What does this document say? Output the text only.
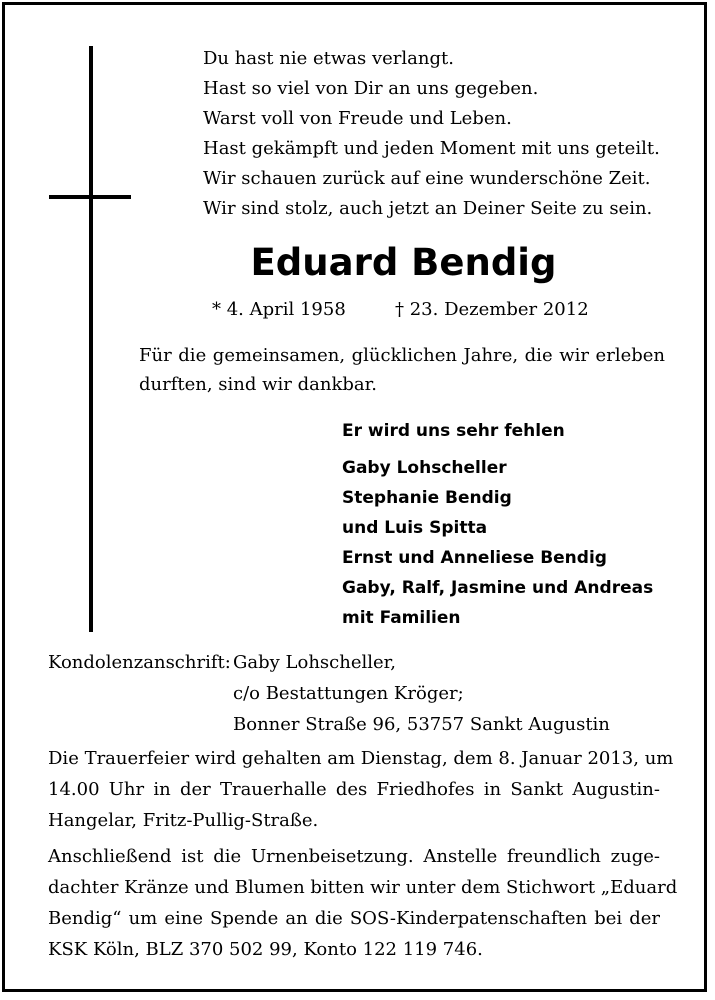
Du hast nie etwas verlangt.
Hast so viel von Dir an uns gegeben.
Warst voll von Freude und Leben.
Hast gekämpft und jeden Moment mit uns geteilt.
Wir schauen zurück auf eine wunderschöne Zeit.
Wir sind stolz, auch jetzt an Deiner Seite zu sein.
Eduard Bendig
* 4. April 1958	† 23. Dezember 2012
Für die gemeinsamen, glücklichen Jahre, die wir erleben durften, sind wir dankbar.
Er wird uns sehr fehlen
Gaby Lohscheller
Stephanie Bendig
und Luis Spitta
Ernst und Anneliese Bendig
Gaby, Ralf, Jasmine und Andreas
mit Familien
Kondolenzanschrift: Gaby Lohscheller,
c/o Bestattungen Kröger;
Bonner Straße 96, 53757 Sankt Augustin
Die Trauerfeier wird gehalten am Dienstag, dem 8. Januar 2013, um
14.00 Uhr in der Trauerhalle des Friedhofes in Sankt Augustin-
Hangelar, Fritz-Pullig-Straße.
Anschließend ist die Urnenbeisetzung. Anstelle freundlich zuge-
dachter Kränze und Blumen bitten wir unter dem Stichwort „Eduard
Bendig“ um eine Spende an die SOS-Kinderpatenschaften bei der
KSK Köln, BLZ 370 502 99, Konto 122 119 746.
